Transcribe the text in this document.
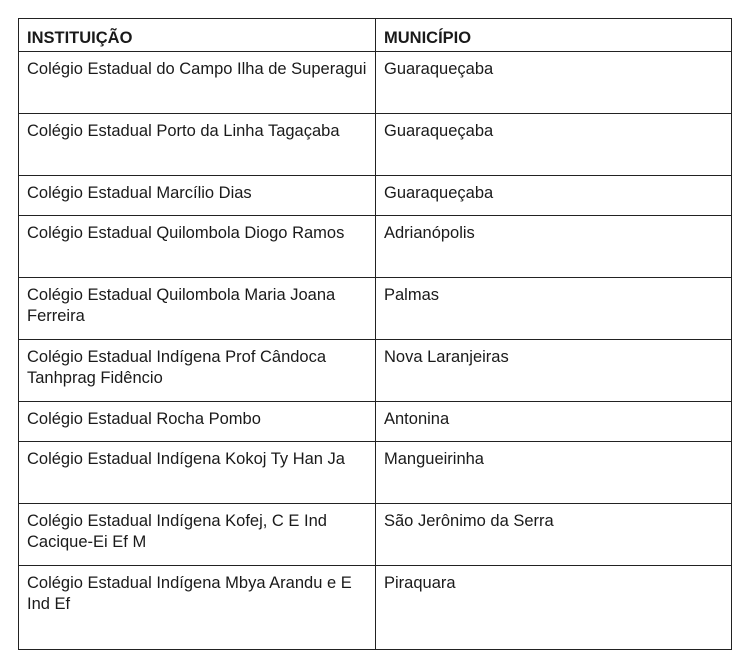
INSTITUIÇÃO	MUNICÍPIO
Colégio Estadual do Campo Ilha de Superagui	Guaraqueçaba
Colégio Estadual Porto da Linha Tagaçaba	Guaraqueçaba
Colégio Estadual Marcílio Dias	Guaraqueçaba
Colégio Estadual Quilombola Diogo Ramos	Adrianópolis
Colégio Estadual Quilombola Maria Joana Ferreira	Palmas
Colégio Estadual Indígena Prof Cândoca Tanhprag Fidêncio	Nova Laranjeiras
Colégio Estadual Rocha Pombo	Antonina
Colégio Estadual Indígena Kokoj Ty Han Ja	Mangueirinha
Colégio Estadual Indígena Kofej, C E Ind Cacique-Ei Ef M	São Jerônimo da Serra
Colégio Estadual Indígena Mbya Arandu e E Ind Ef	Piraquara
